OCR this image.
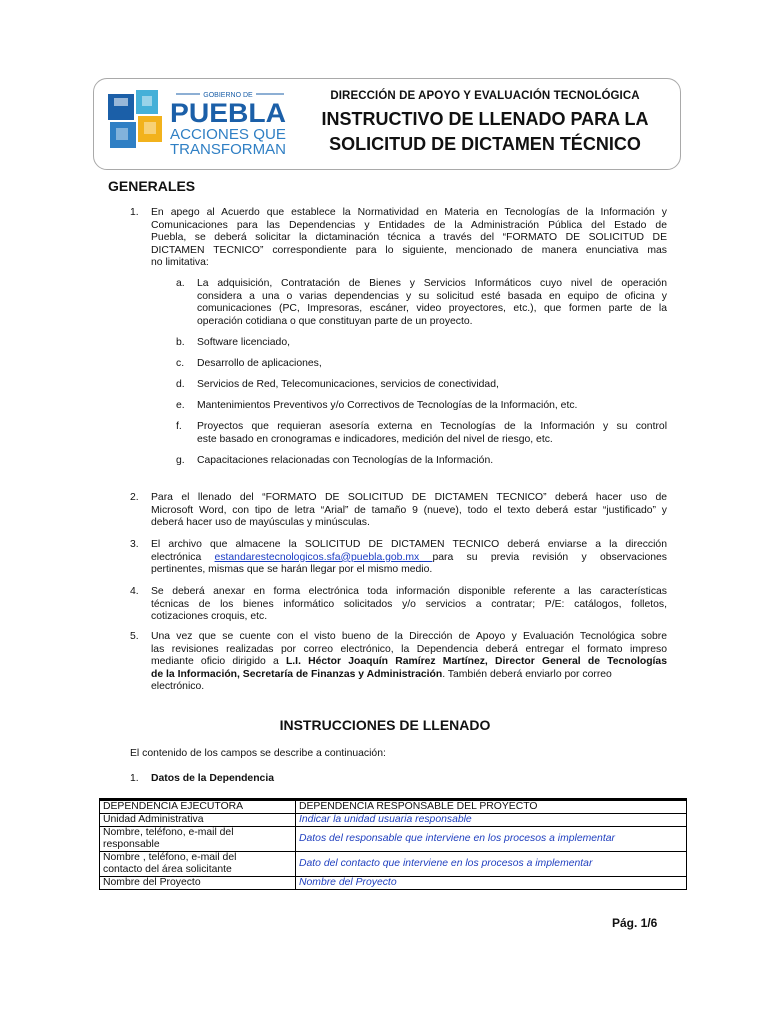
GOBIERNO DE
PUEBLA
ACCIONES QUE
TRANSFORMAN
DIRECCIÓN DE APOYO Y EVALUACIÓN TECNOLÓGICA
INSTRUCTIVO DE LLENADO PARA LA
SOLICITUD DE DICTAMEN TÉCNICO
GENERALES
1. En apego al Acuerdo que establece la Normatividad en Materia en Tecnologías de la Información y
Comunicaciones para las Dependencias y Entidades de la Administración Pública del Estado de
Puebla, se deberá solicitar la dictaminación técnica a través del “FORMATO DE SOLICITUD DE
DICTAMEN TECNICO” correspondiente para lo siguiente, mencionado de manera enunciativa mas
no limitativa:
a. La adquisición, Contratación de Bienes y Servicios Informáticos cuyo nivel de operación
considera a una o varias dependencias y su solicitud esté basada en equipo de oficina y
comunicaciones (PC, Impresoras, escáner, video proyectores, etc.), que formen parte de la
operación cotidiana o que constituyan parte de un proyecto.
b. Software licenciado,
c. Desarrollo de aplicaciones,
d. Servicios de Red, Telecomunicaciones, servicios de conectividad,
e. Mantenimientos Preventivos y/o Correctivos de Tecnologías de la Información, etc.
f. Proyectos que requieran asesoría externa en Tecnologías de la Información y su control
este basado en cronogramas e indicadores, medición del nivel de riesgo, etc.
g. Capacitaciones relacionadas con Tecnologías de la Información.
2. Para el llenado del “FORMATO DE SOLICITUD DE DICTAMEN TECNICO” deberá hacer uso de
Microsoft Word, con tipo de letra “Arial” de tamaño 9 (nueve), todo el texto deberá estar “justificado” y
deberá hacer uso de mayúsculas y minúsculas.
3. El archivo que almacene la SOLICITUD DE DICTAMEN TECNICO deberá enviarse a la dirección
electrónica estandarestecnologicos.sfa@puebla.gob.mx para su previa revisión y observaciones
pertinentes, mismas que se harán llegar por el mismo medio.
4. Se deberá anexar en forma electrónica toda información disponible referente a las características
técnicas de los bienes informático solicitados y/o servicios a contratar; P/E: catálogos, folletos,
cotizaciones croquis, etc.
5. Una vez que se cuente con el visto bueno de la Dirección de Apoyo y Evaluación Tecnológica sobre
las revisiones realizadas por correo electrónico, la Dependencia deberá entregar el formato impreso
mediante oficio dirigido a L.I. Héctor Joaquín Ramírez Martínez, Director General de Tecnologías
de la Información, Secretaría de Finanzas y Administración. También deberá enviarlo por correo
electrónico.
INSTRUCCIONES DE LLENADO
El contenido de los campos se describe a continuación:
1. Datos de la Dependencia
DEPENDENCIA EJECUTORA	DEPENDENCIA RESPONSABLE DEL PROYECTO
Unidad Administrativa	Indicar la unidad usuaria responsable

Nombre, teléfono, e-mail del
responsable	Datos del responsable que interviene en los procesos a implementar

Nombre , teléfono, e-mail del
contacto del área solicitante	Dato del contacto que interviene en los procesos a implementar
Nombre del Proyecto	Nombre del Proyecto
Pág. 1/6
